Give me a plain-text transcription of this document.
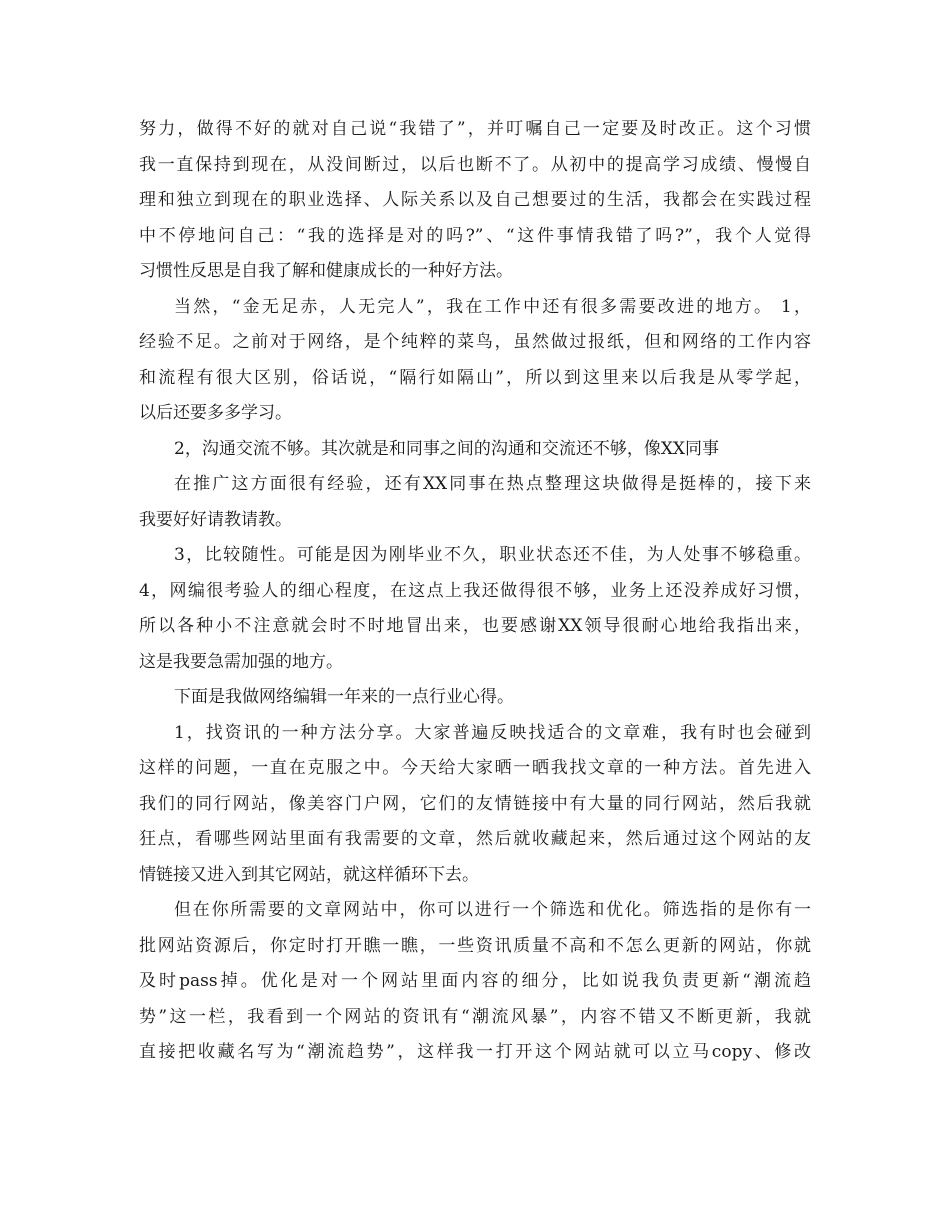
努力，做得不好的就对自己说“我错了”，并叮嘱自己一定要及时改正。这个习惯
我一直保持到现在，从没间断过，以后也断不了。从初中的提高学习成绩、慢慢自
理和独立到现在的职业选择、人际关系以及自己想要过的生活，我都会在实践过程
中不停地问自己：“我的选择是对的吗?”、“这件事情我错了吗?”，我个人觉得
习惯性反思是自我了解和健康成长的一种好方法。
当然，“金无足赤，人无完人”，我在工作中还有很多需要改进的地方。 1，
经验不足。之前对于网络，是个纯粹的菜鸟，虽然做过报纸，但和网络的工作内容
和流程有很大区别，俗话说，“隔行如隔山”，所以到这里来以后我是从零学起，
以后还要多多学习。
2，沟通交流不够。其次就是和同事之间的沟通和交流还不够，像XX同事
在推广这方面很有经验，还有XX同事在热点整理这块做得是挺棒的，接下来
我要好好请教请教。
3，比较随性。可能是因为刚毕业不久，职业状态还不佳，为人处事不够稳重。
4，网编很考验人的细心程度，在这点上我还做得很不够，业务上还没养成好习惯，
所以各种小不注意就会时不时地冒出来，也要感谢XX领导很耐心地给我指出来，
这是我要急需加强的地方。
下面是我做网络编辑一年来的一点行业心得。
1，找资讯的一种方法分享。大家普遍反映找适合的文章难，我有时也会碰到
这样的问题，一直在克服之中。今天给大家晒一晒我找文章的一种方法。首先进入
我们的同行网站，像美容门户网，它们的友情链接中有大量的同行网站，然后我就
狂点，看哪些网站里面有我需要的文章，然后就收藏起来，然后通过这个网站的友
情链接又进入到其它网站，就这样循环下去。
但在你所需要的文章网站中，你可以进行一个筛选和优化。筛选指的是你有一
批网站资源后，你定时打开瞧一瞧，一些资讯质量不高和不怎么更新的网站，你就
及时pass掉。优化是对一个网站里面内容的细分，比如说我负责更新“潮流趋
势”这一栏，我看到一个网站的资讯有“潮流风暴”，内容不错又不断更新，我就
直接把收藏名写为“潮流趋势”，这样我一打开这个网站就可以立马copy、修改
